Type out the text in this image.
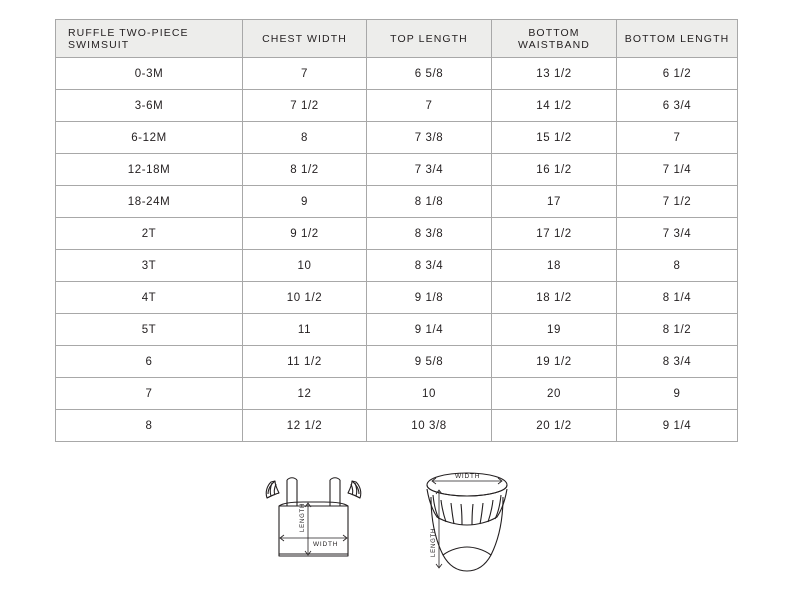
RUFFLE TWO-PIECE SWIMSUIT	CHEST WIDTH	TOP LENGTH	BOTTOM WAISTBAND	BOTTOM LENGTH
0-3M	7	6 5/8	13 1/2	6 1/2
3-6M	7 1/2	7	14 1/2	6 3/4
6-12M	8	7 3/8	15 1/2	7
12-18M	8 1/2	7 3/4	16 1/2	7 1/4
18-24M	9	8 1/8	17	7 1/2
2T	9 1/2	8 3/8	17 1/2	7 3/4
3T	10	8 3/4	18	8
4T	10 1/2	9 1/8	18 1/2	8 1/4
5T	11	9 1/4	19	8 1/2
6	11 1/2	9 5/8	19 1/2	8 3/4
7	12	10	20	9
8	12 1/2	10 3/8	20 1/2	9 1/4
LENGTH
WIDTH
WIDTH
LENGTH
